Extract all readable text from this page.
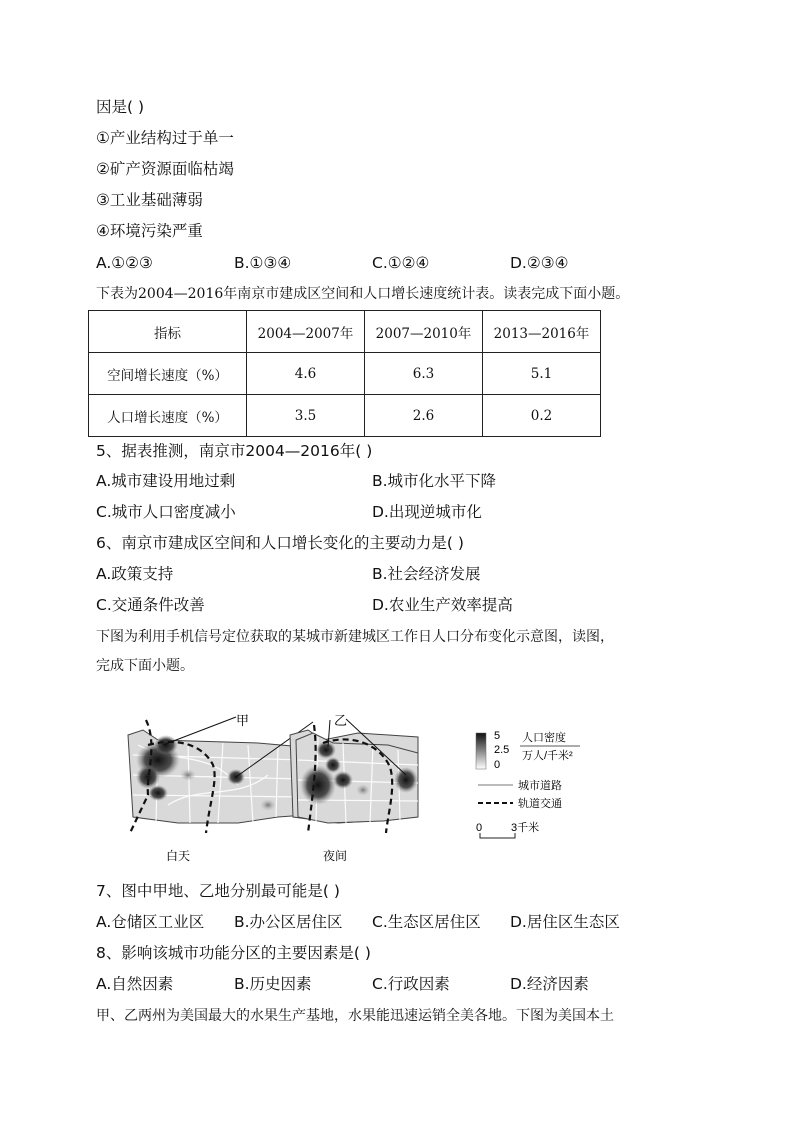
因是( )
①产业结构过于单一
②矿产资源面临枯竭
③工业基础薄弱
④环境污染严重
A.①②③	B.①③④	C.①②④	D.②③④
下表为2004—2016年南京市建成区空间和人口增长速度统计表。读表完成下面小题。
指标	2004—2007年	2007—2010年	2013—2016年
空间增长速度（%）	4.6	6.3	5.1
人口增长速度（%）	3.5	2.6	0.2
5、据表推测，南京市2004—2016年( )
A.城市建设用地过剩	B.城市化水平下降
C.城市人口密度减小	D.出现逆城市化
6、南京市建成区空间和人口增长变化的主要动力是( )
A.政策支持	B.社会经济发展
C.交通条件改善	D.农业生产效率提高
下图为利用手机信号定位获取的某城市新建城区工作日人口分布变化示意图，读图，
完成下面小题。
甲	乙
白天	夜间
5
2.5
0
人口密度
万人/千米²
城市道路
轨道交通
0	3千米
7、图中甲地、乙地分别最可能是( )
A.仓储区工业区 B.办公区居住区 C.生态区居住区 D.居住区生态区
8、影响该城市功能分区的主要因素是( )
A.自然因素	B.历史因素	C.行政因素	D.经济因素
甲、乙两州为美国最大的水果生产基地，水果能迅速运销全美各地。下图为美国本土
